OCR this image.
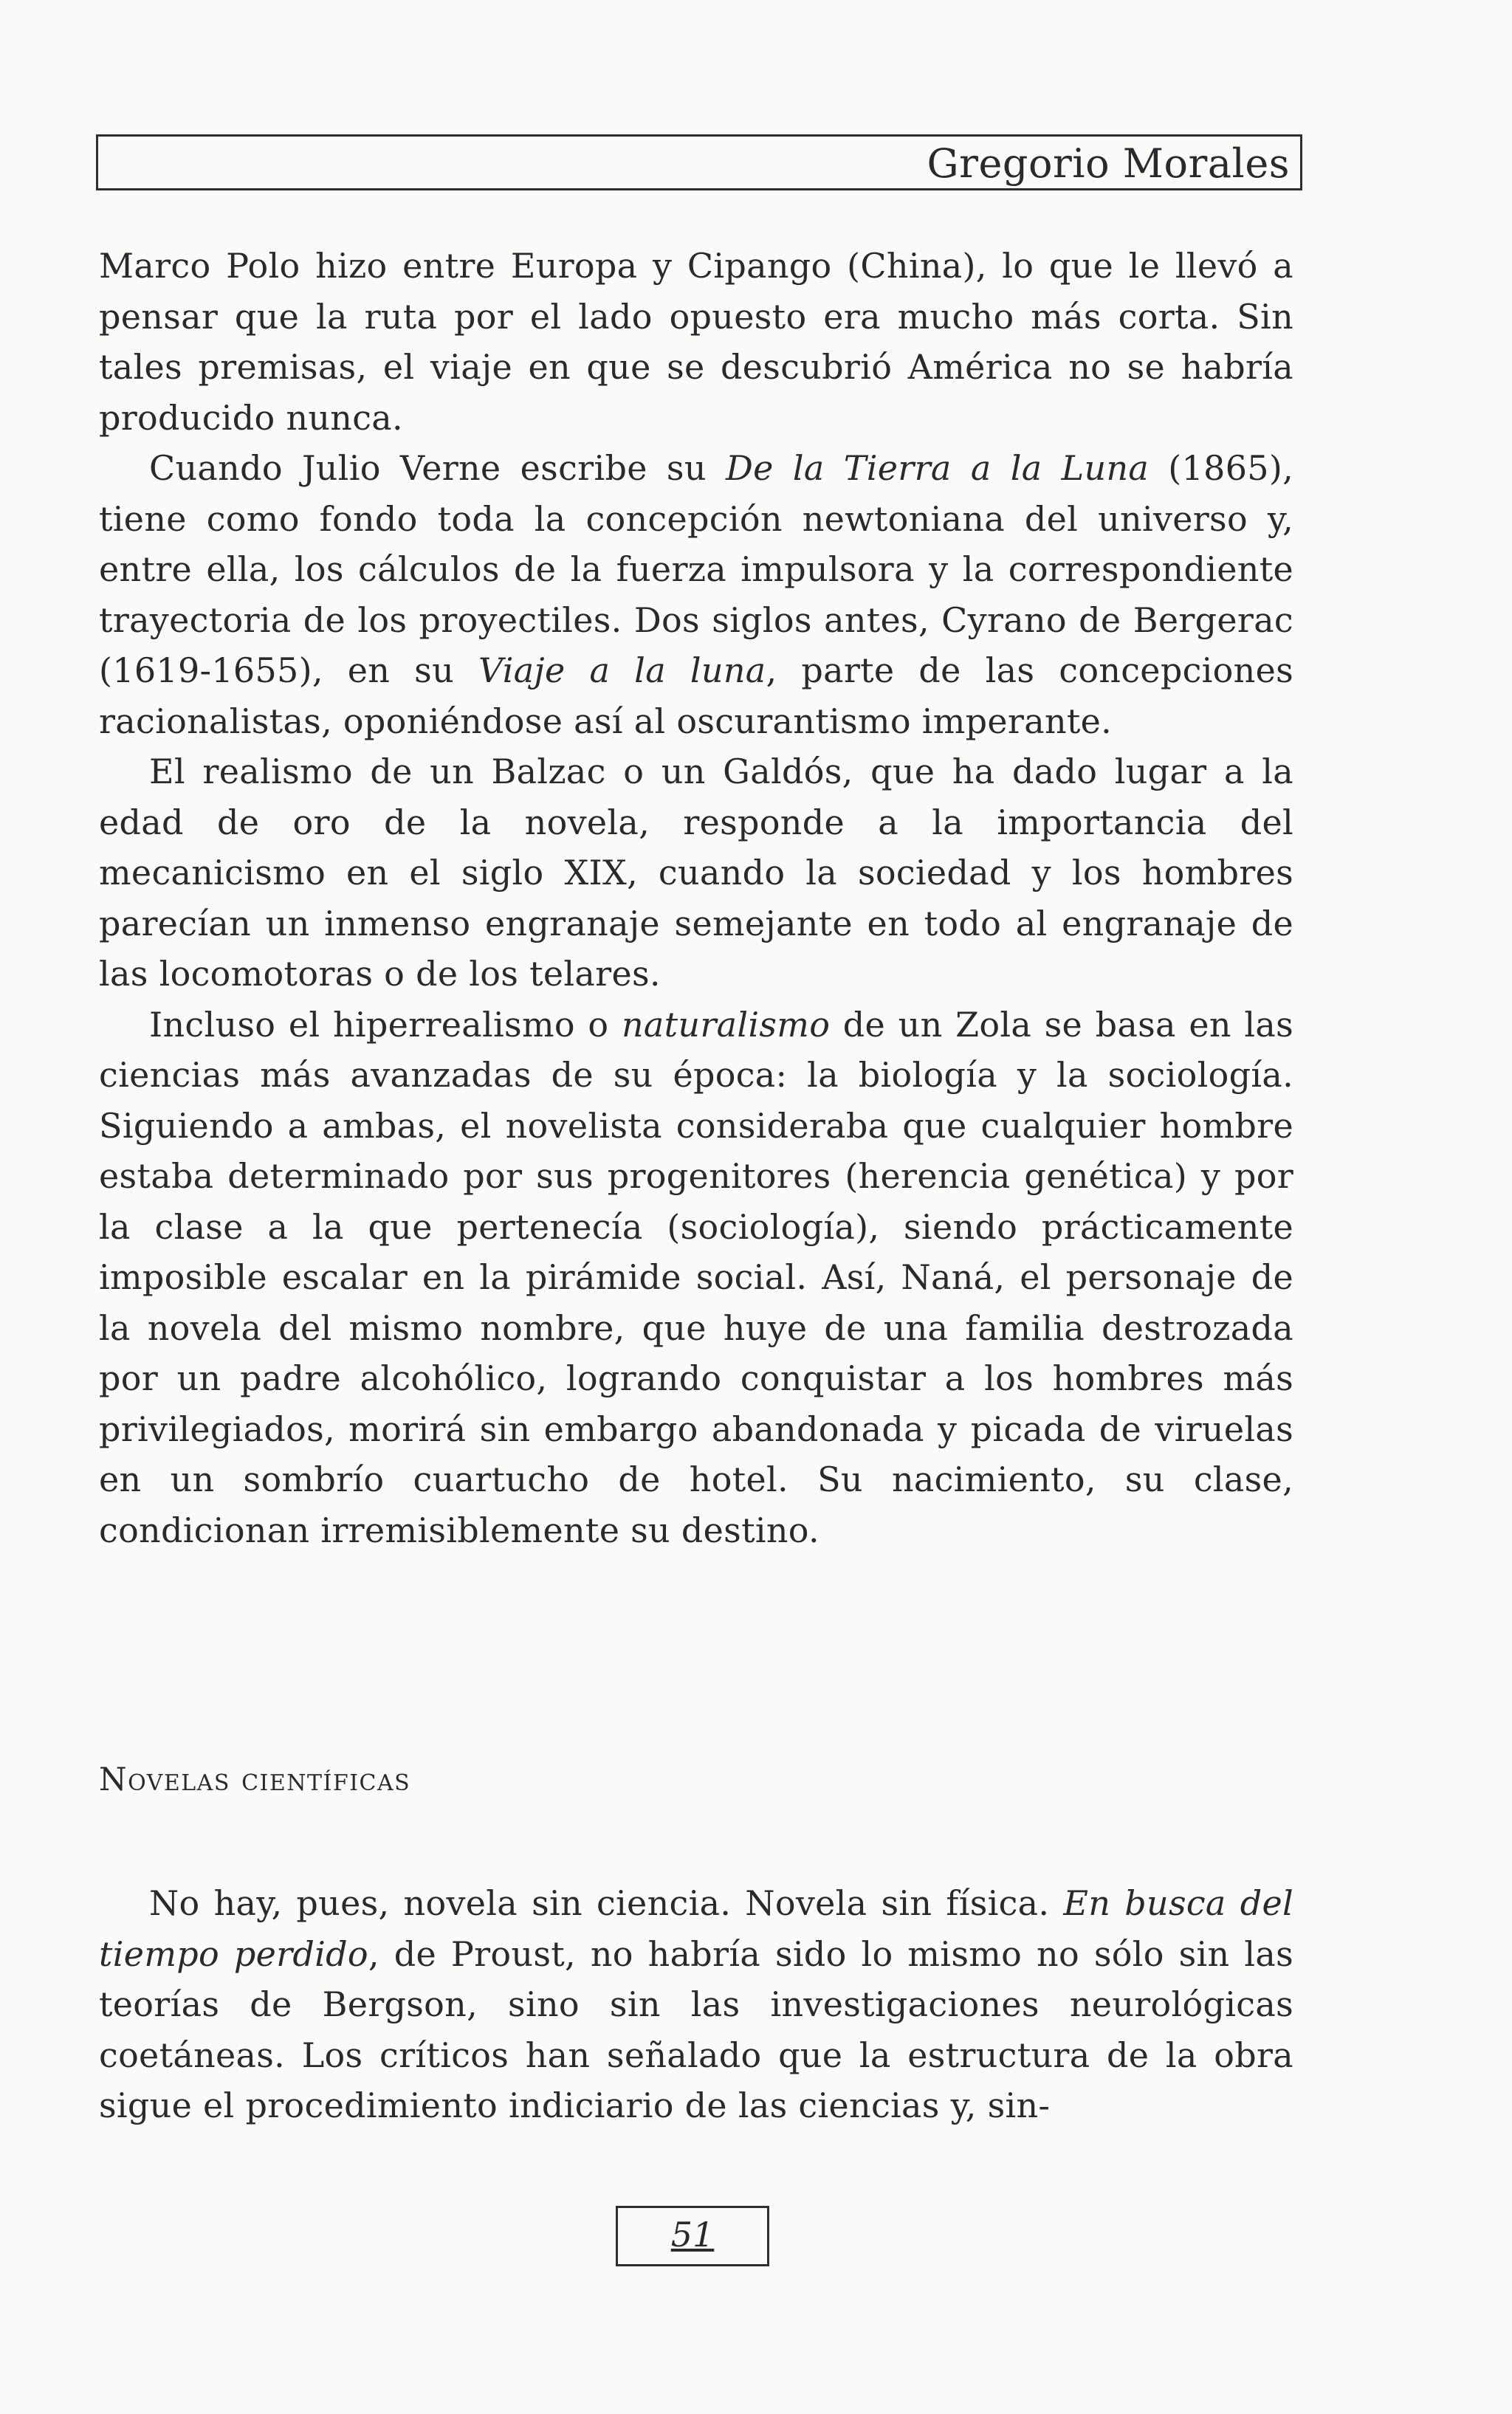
Gregorio Morales

Marco Polo hizo entre Europa y Cipango (China), lo que le llevó a pensar que la ruta por el lado opuesto era mucho más corta. Sin tales premisas, el viaje en que se descubrió América no se habría producido nunca.

Cuando Julio Verne escribe su De la Tierra a la Luna (1865), tiene como fondo toda la concepción newtoniana del universo y, entre ella, los cálculos de la fuerza impulsora y la correspondiente trayectoria de los proyectiles. Dos siglos antes, Cyrano de Bergerac (1619-1655), en su Viaje a la luna, parte de las concepciones racionalistas, oponiéndose así al oscurantismo imperante.

El realismo de un Balzac o un Galdós, que ha dado lugar a la edad de oro de la novela, responde a la importancia del mecanicismo en el siglo XIX, cuando la sociedad y los hombres parecían un inmenso engranaje semejante en todo al engranaje de las locomotoras o de los telares.

Incluso el hiperrealismo o naturalismo de un Zola se basa en las ciencias más avanzadas de su época: la biología y la sociología. Siguiendo a ambas, el novelista consideraba que cualquier hombre estaba determinado por sus progenitores (herencia genética) y por la clase a la que pertenecía (sociología), siendo prácticamente imposible escalar en la pirámide social. Así, Naná, el personaje de la novela del mismo nombre, que huye de una familia destrozada por un padre alcohólico, logrando conquistar a los hombres más privilegiados, morirá sin embargo abandonada y picada de viruelas en un sombrío cuartucho de hotel. Su nacimiento, su clase, condicionan irremisiblemente su destino.

Novelas científicas

No hay, pues, novela sin ciencia. Novela sin física. En busca del tiempo perdido, de Proust, no habría sido lo mismo no sólo sin las teorías de Bergson, sino sin las investigaciones neurológicas coetáneas. Los críticos han señalado que la estructura de la obra sigue el procedimiento indiciario de las ciencias y, sin-

51
